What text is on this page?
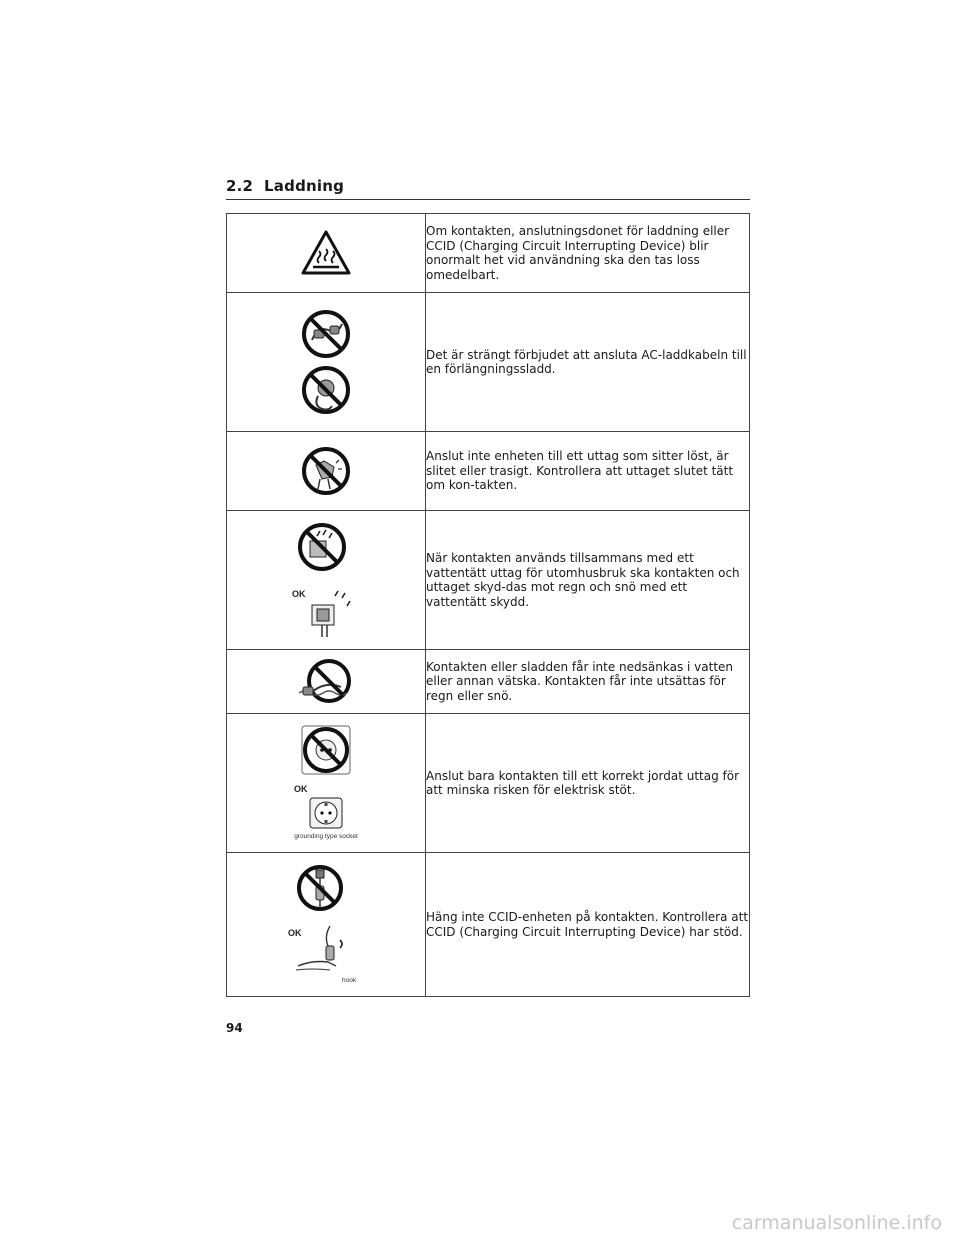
2.2 Laddning

Om kontakten, anslutningsdonet för laddning eller CCID (Charging Circuit Interrupting Device) blir onormalt het vid användning ska den tas loss omedelbart.

Det är strängt förbjudet att ansluta AC-laddkabeln till en förlängningssladd.

Anslut inte enheten till ett uttag som sitter löst, är slitet eller trasigt. Kontrollera att uttaget slutet tätt om kon-takten.

OK	När kontakten används tillsammans med ett vattentätt uttag för utomhusbruk ska kontakten och uttaget skyd-das mot regn och snö med ett vattentätt skydd.

Kontakten eller sladden får inte nedsänkas i vatten eller annan vätska. Kontakten får inte utsättas för regn eller snö.

OK
grounding type socket	Anslut bara kontakten till ett korrekt jordat uttag för att minska risken för elektrisk stöt.

OK
hook	Häng inte CCID-enheten på kontakten. Kontrollera att CCID (Charging Circuit Interrupting Device) har stöd.

94
carmanualsonline.info
